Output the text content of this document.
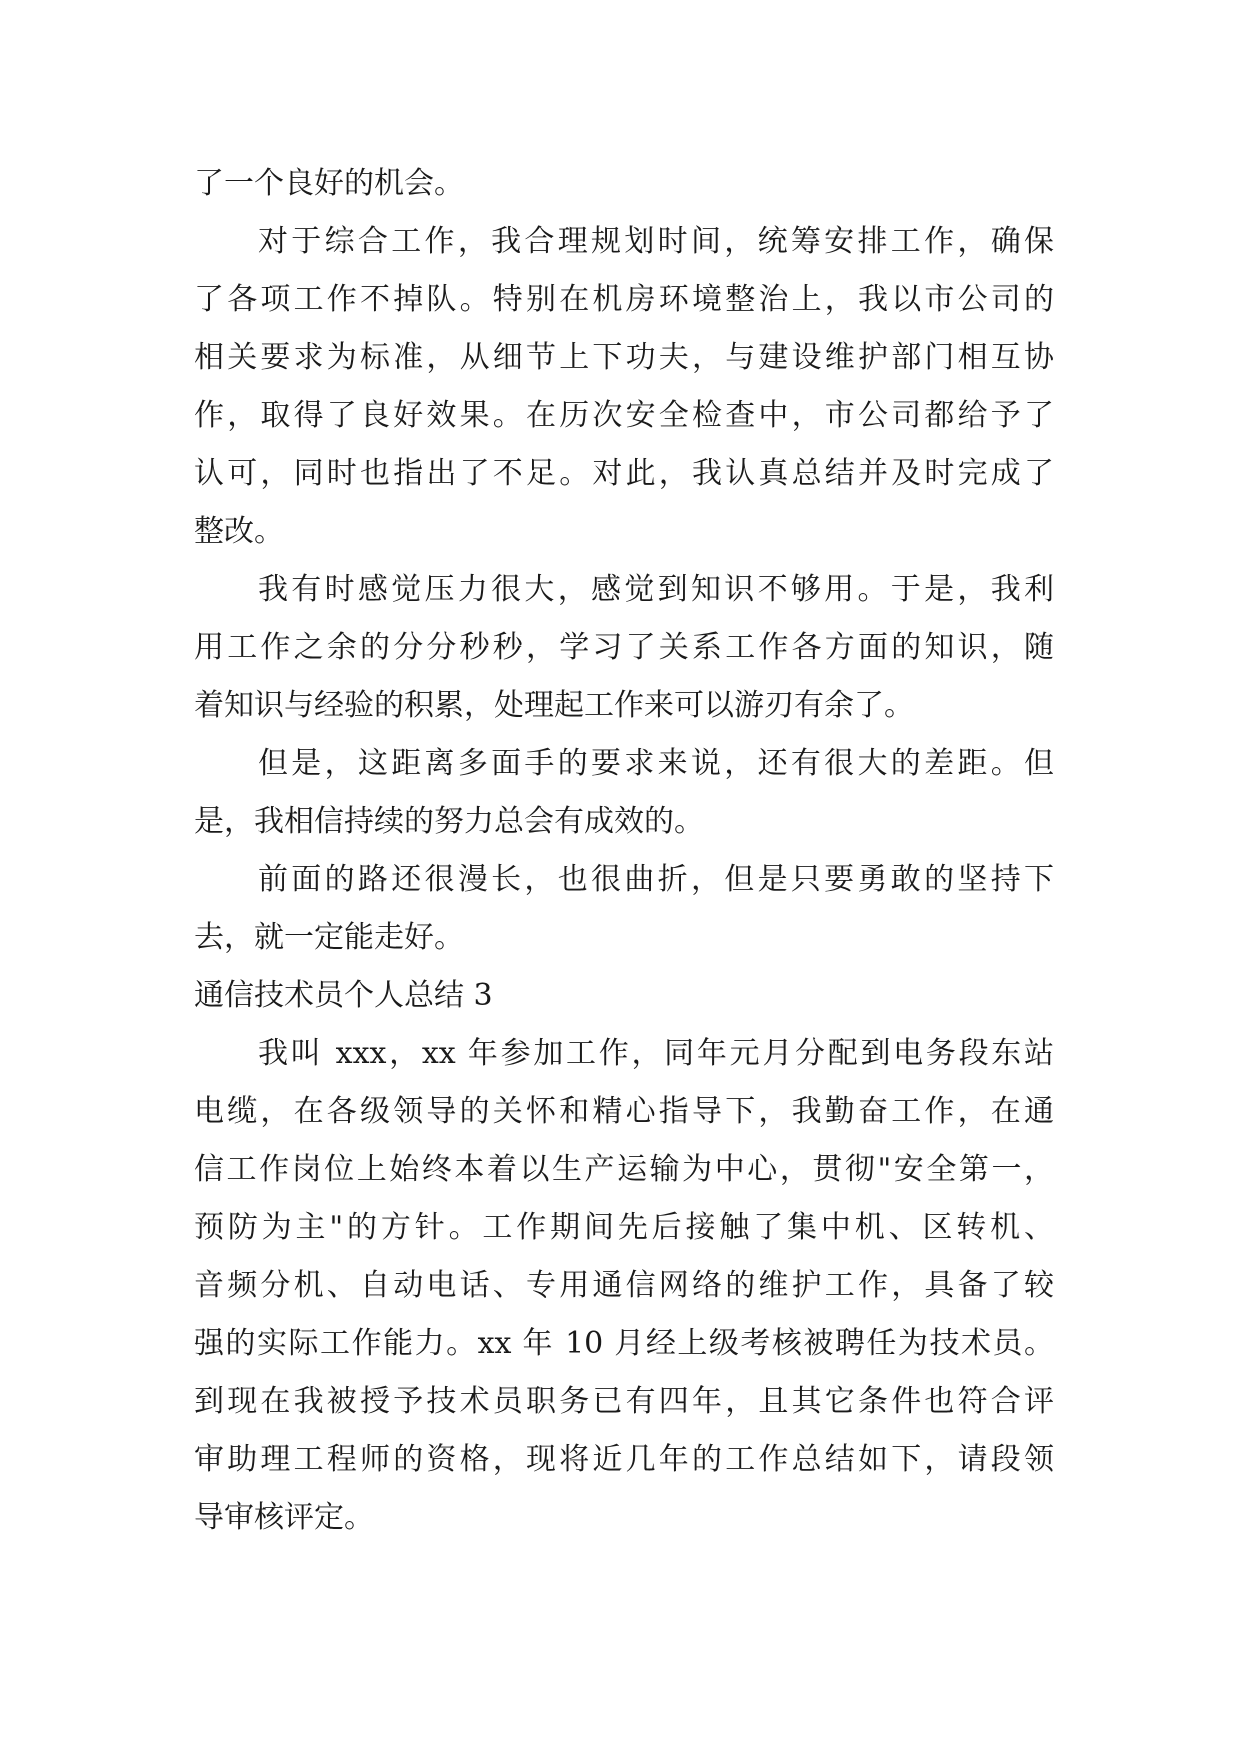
了一个良好的机会。
对于综合工作，我合理规划时间，统筹安排工作，确保
了各项工作不掉队。特别在机房环境整治上，我以市公司的
相关要求为标准，从细节上下功夫，与建设维护部门相互协
作，取得了良好效果。在历次安全检查中，市公司都给予了
认可，同时也指出了不足。对此，我认真总结并及时完成了
整改。
我有时感觉压力很大，感觉到知识不够用。于是，我利
用工作之余的分分秒秒，学习了关系工作各方面的知识，随
着知识与经验的积累，处理起工作来可以游刃有余了。
但是，这距离多面手的要求来说，还有很大的差距。但
是，我相信持续的努力总会有成效的。
前面的路还很漫长，也很曲折，但是只要勇敢的坚持下
去，就一定能走好。
通信技术员个人总结 3
我叫 xxx，xx 年参加工作，同年元月分配到电务段东站
电缆，在各级领导的关怀和精心指导下，我勤奋工作，在通
信工作岗位上始终本着以生产运输为中心，贯彻"安全第一，
预防为主"的方针。工作期间先后接触了集中机、区转机、
音频分机、自动电话、专用通信网络的维护工作，具备了较
强的实际工作能力。xx 年 10 月经上级考核被聘任为技术员。
到现在我被授予技术员职务已有四年，且其它条件也符合评
审助理工程师的资格，现将近几年的工作总结如下，请段领
导审核评定。
